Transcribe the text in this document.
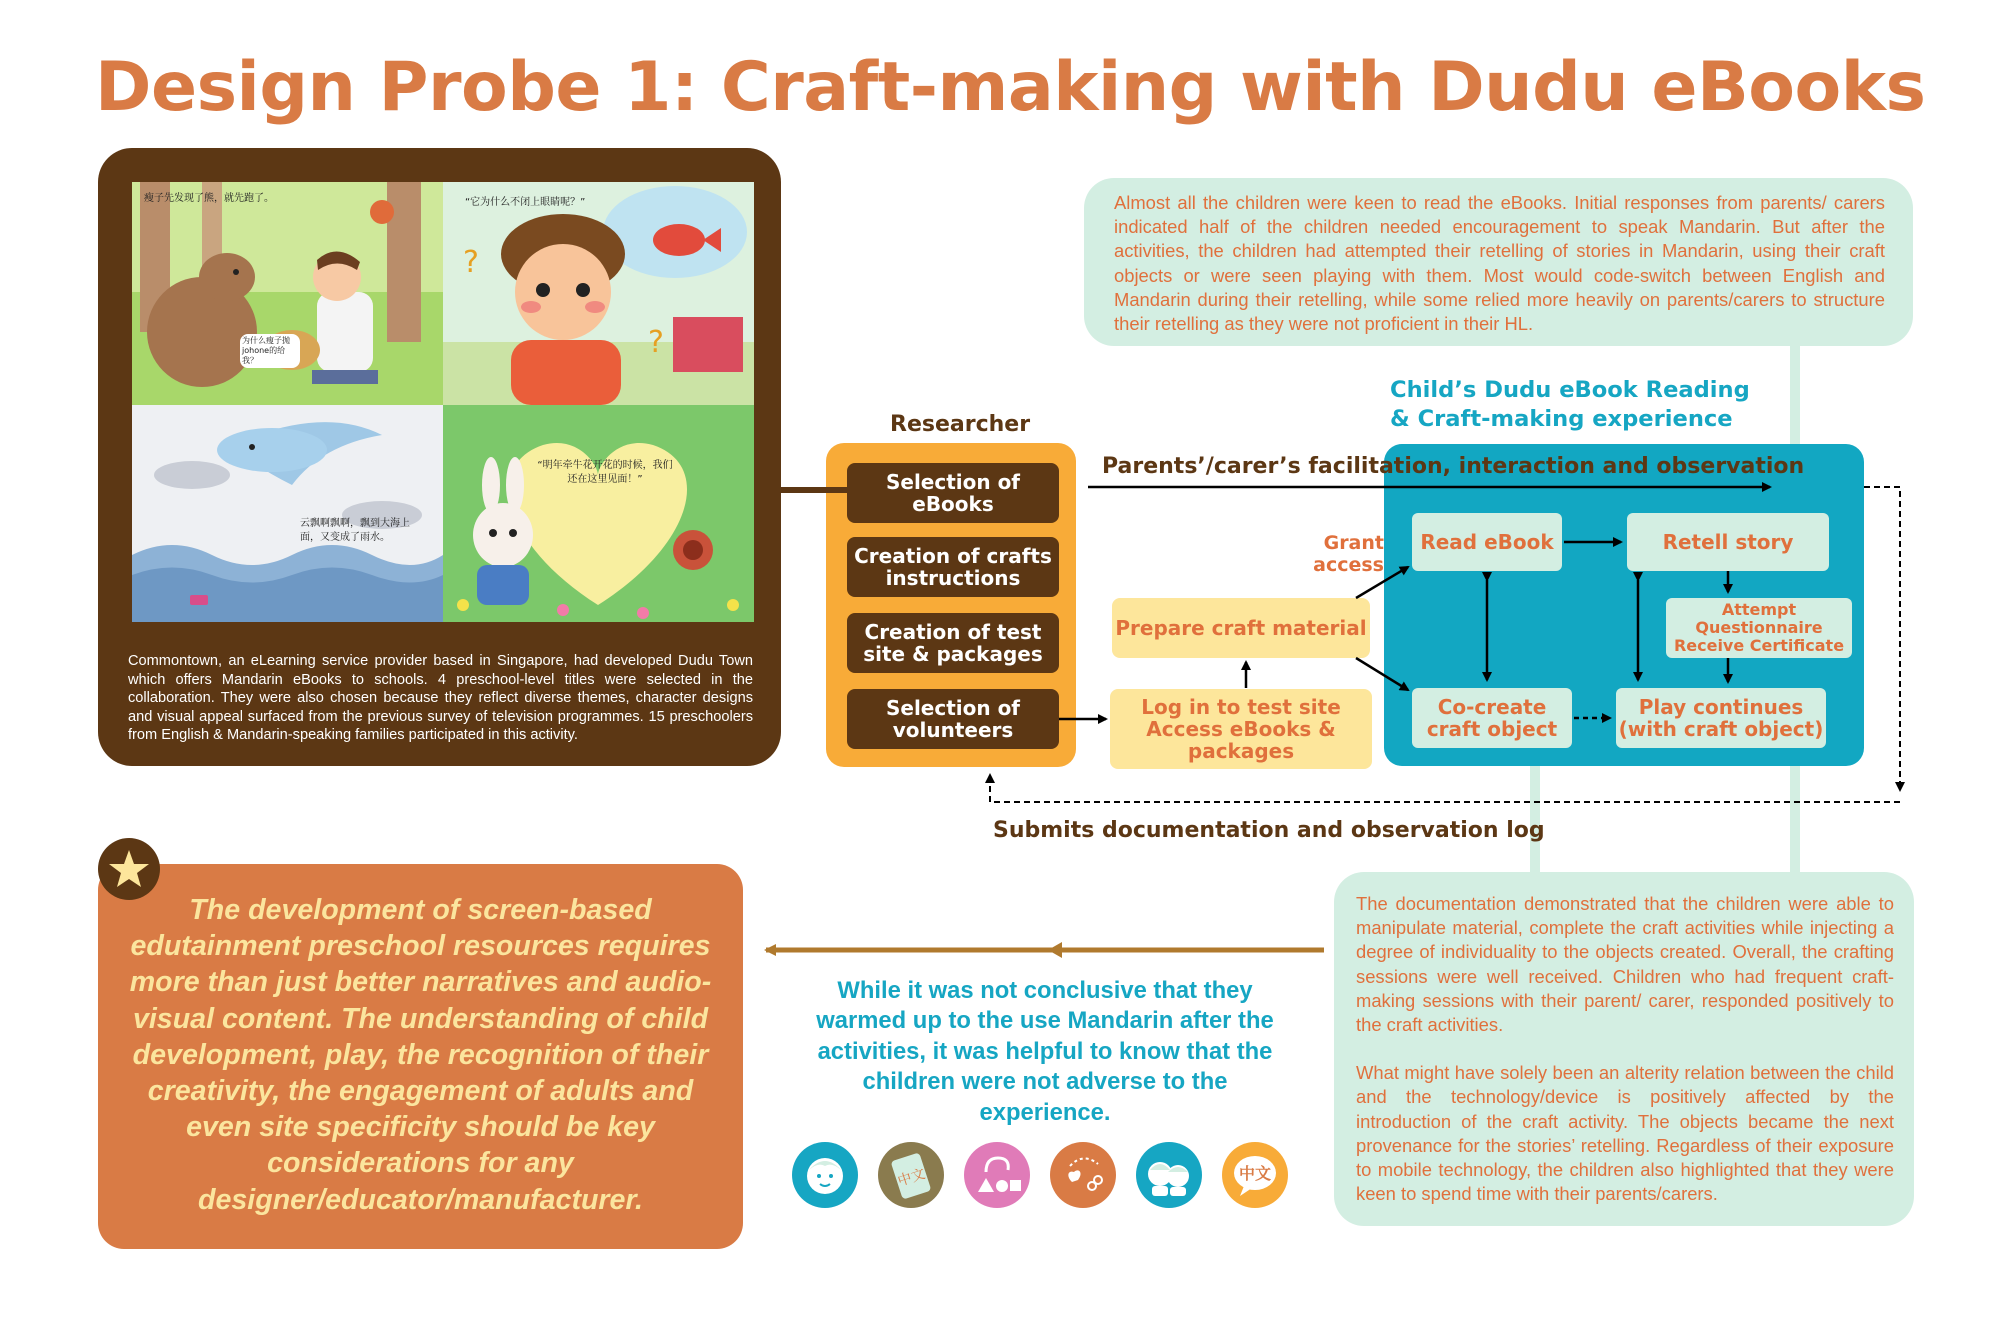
Design Probe 1: Craft-making with Dudu eBooks
瘦子先发现了熊，就先跑了。
为什么瘦子抛johone的给我？
?
?
“它为什么不闭上眼睛呢？”
云飘啊飘啊，飘到大海上面，又变成了雨水。
“明年牵牛花开花的时候，我们还在这里见面！”
Commontown, an eLearning service provider based in Singapore, had developed Dudu Town which offers Mandarin eBooks to schools. 4 preschool-level titles were selected in the collaboration. They were also chosen because they reflect diverse themes, character designs and visual appeal surfaced from the previous survey of television programmes. 15 preschoolers from English & Mandarin-speaking families participated in this activity.
Almost all the children were keen to read the eBooks. Initial responses from parents/ carers indicated half of the children needed encouragement to speak Mandarin. But after the activities, the children had attempted their retelling of stories in Mandarin, using their craft objects or were seen playing with them. Most would code-switch between English and Mandarin during their retelling, while some relied more heavily on parents/carers to structure their retelling as they were not proficient in their HL.
Researcher
Selection of eBooks
Creation of crafts instructions
Creation of test site & packages
Selection of volunteers
Prepare craft material
Log in to test site Access eBooks & packages
Grant access
Child’s Dudu eBook Reading
& Craft-making experience
Read eBook	Retell story
Attempt Questionnaire Receive Certificate
Co-create craft object
Play continues (with craft object)
Parents’/carer’s facilitation, interaction and observation
Submits documentation and observation log
The documentation demonstrated that the children were able to manipulate material, complete the craft activities while injecting a degree of individuality to the objects created. Overall, the crafting sessions were well received. Children who had frequent craft-making sessions with their parent/ carer, responded positively to the craft activities.
What might have solely been an alterity relation between the child and the technology/device is positively affected by the introduction of the craft activity. The objects became the next provenance for the stories’ retelling. Regardless of their exposure to mobile technology, the children also highlighted that they were keen to spend time with their parents/carers.
The development of screen-based edutainment preschool resources requires more than just better narratives and audio-visual content. The understanding of child development, play, the recognition of their creativity, the engagement of adults and even site specificity should be key considerations for any designer/educator/manufacturer.
While it was not conclusive that they warmed up to the use Mandarin after the activities, it was helpful to know that the children were not adverse to the experience.
中文	中文
